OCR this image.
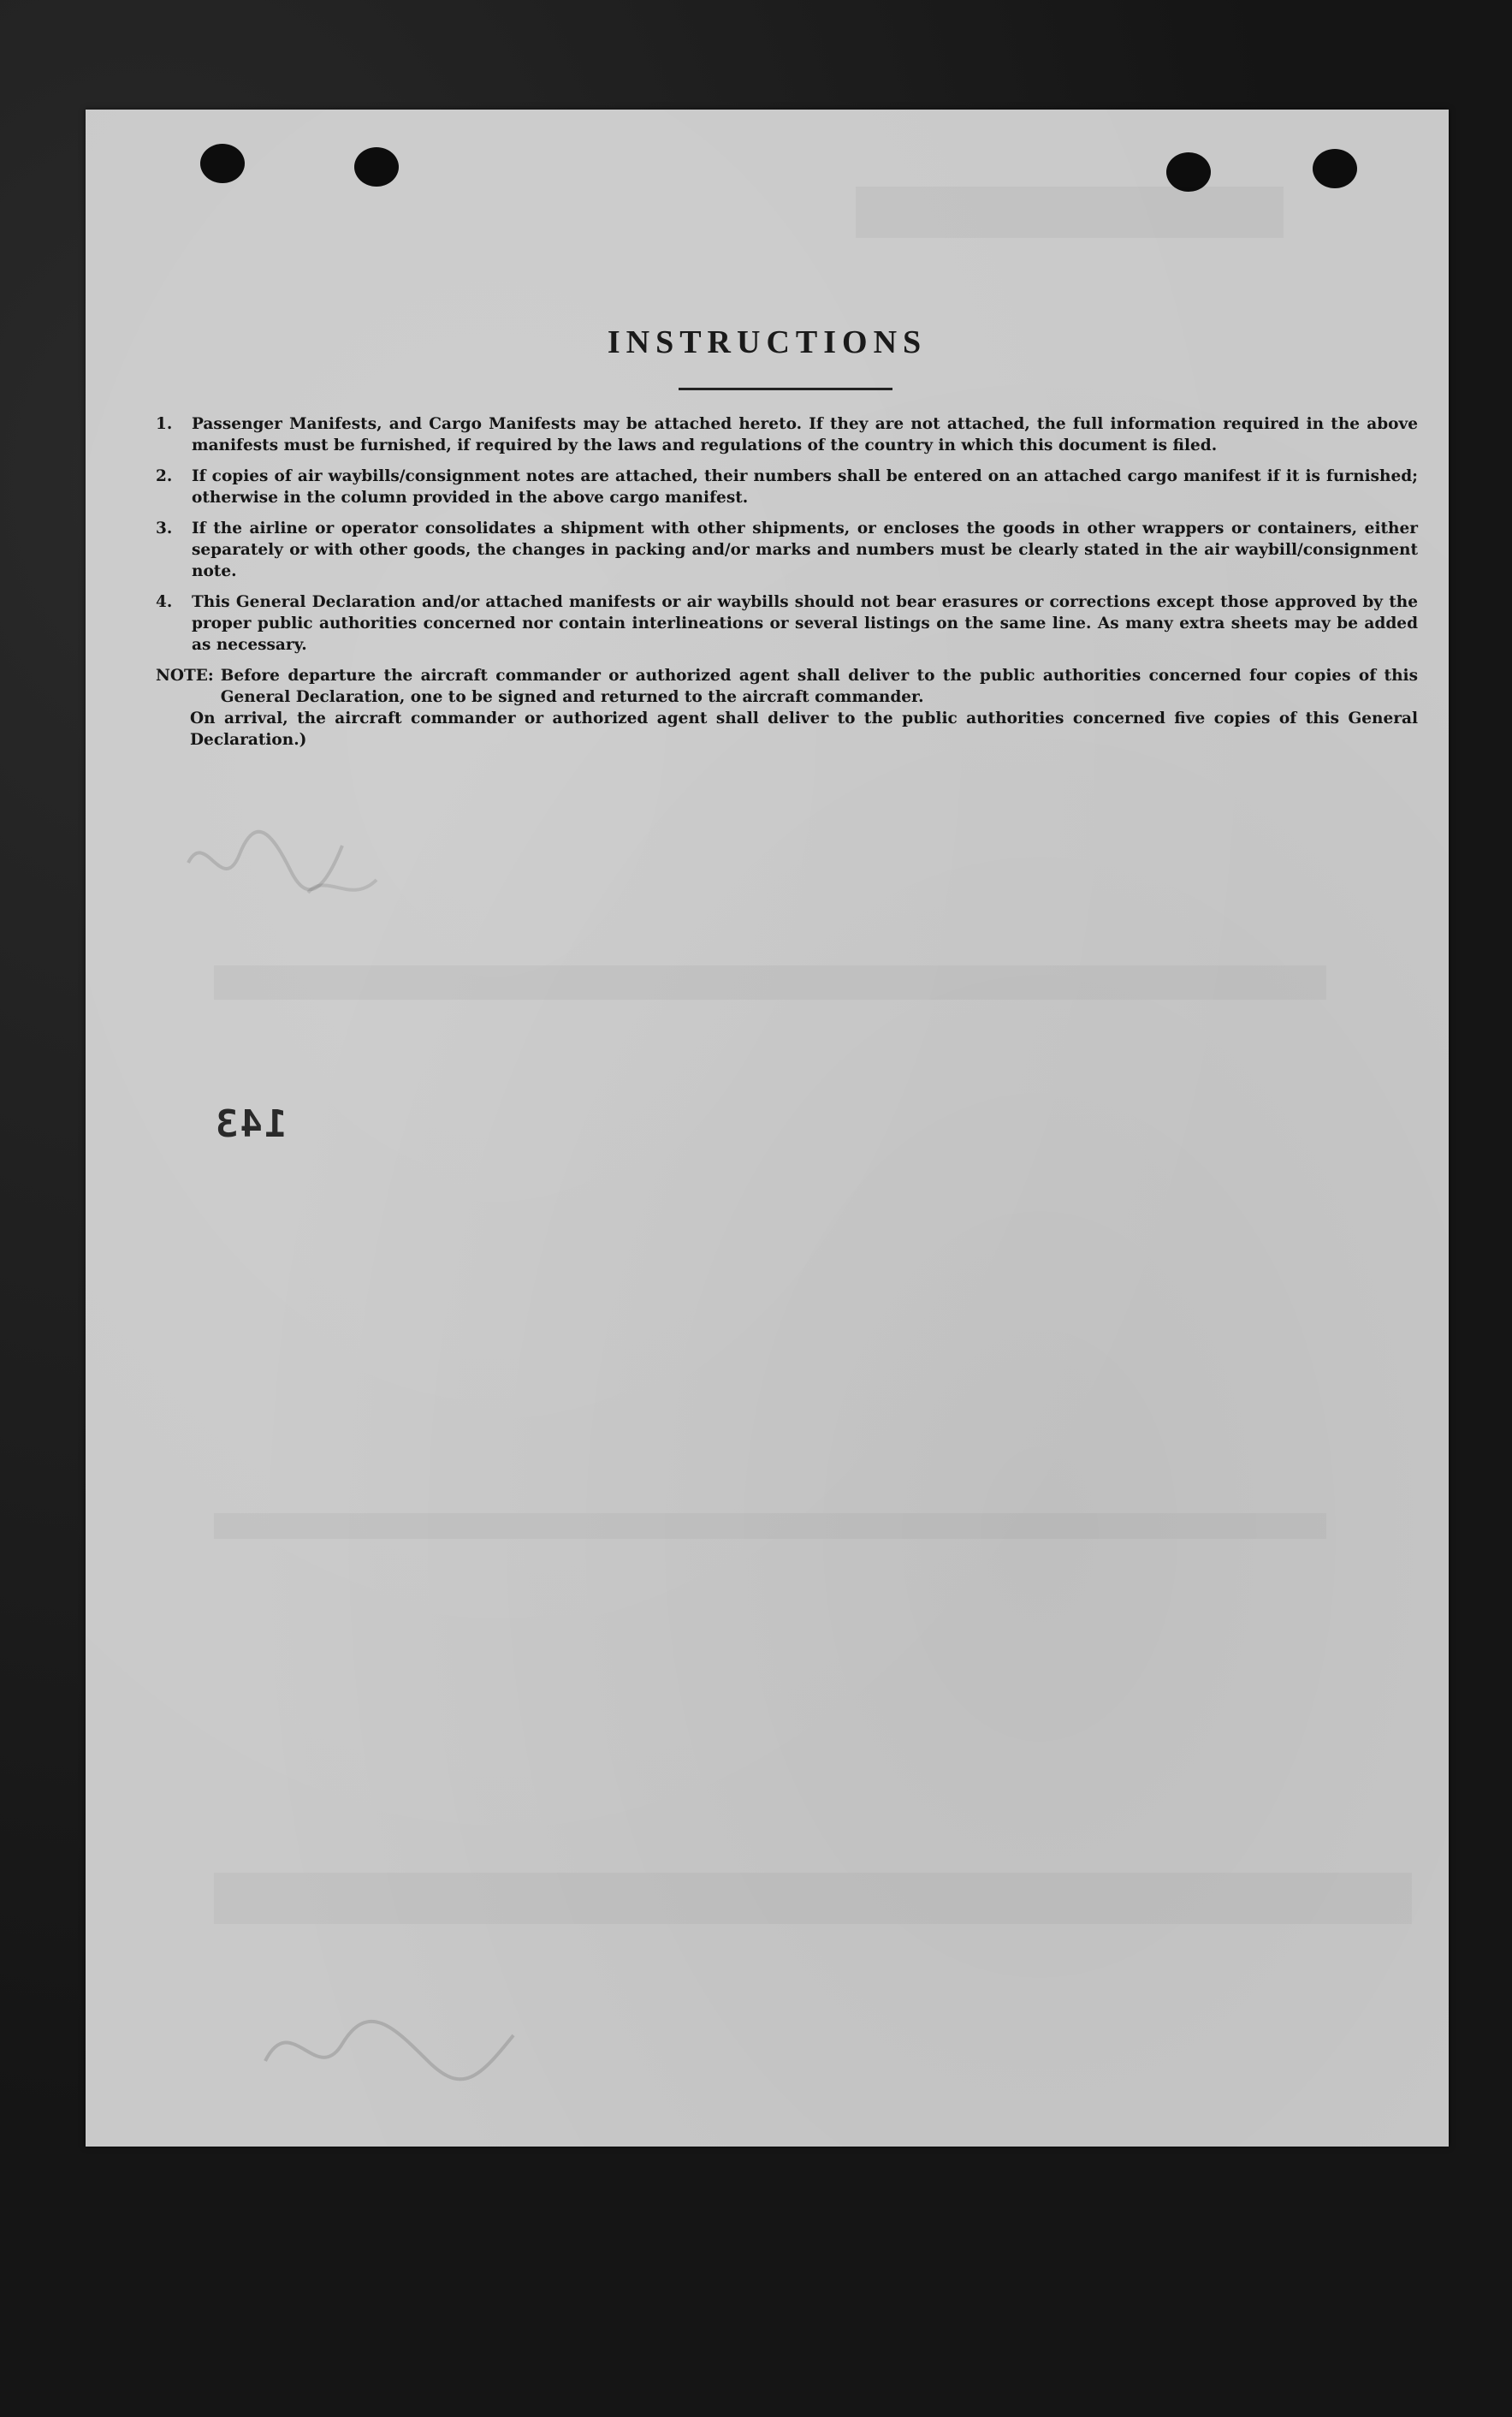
INSTRUCTIONS
1.	Passenger Manifests, and Cargo Manifests may be attached hereto. If they are not attached, the full information required in the above manifests must be furnished, if required by the laws and regulations of the country in which this document is filed.
2.	If copies of air waybills/consignment notes are attached, their numbers shall be entered on an attached cargo manifest if it is furnished; otherwise in the column provided in the above cargo manifest.
3.	If the airline or operator consolidates a shipment with other shipments, or encloses the goods in other wrappers or containers, either separately or with other goods, the changes in packing and/or marks and numbers must be clearly stated in the air waybill/consignment note.
4.	This General Declaration and/or attached manifests or air waybills should not bear erasures or corrections except those approved by the proper public authorities concerned nor contain interlineations or several listings on the same line. As many extra sheets may be added as necessary.
NOTE: Before departure the aircraft commander or authorized agent shall deliver to the public authorities concerned four copies of this General Declaration, one to be signed and returned to the aircraft commander.
On arrival, the aircraft commander or authorized agent shall deliver to the public authorities concerned five copies of this General Declaration.)
143
